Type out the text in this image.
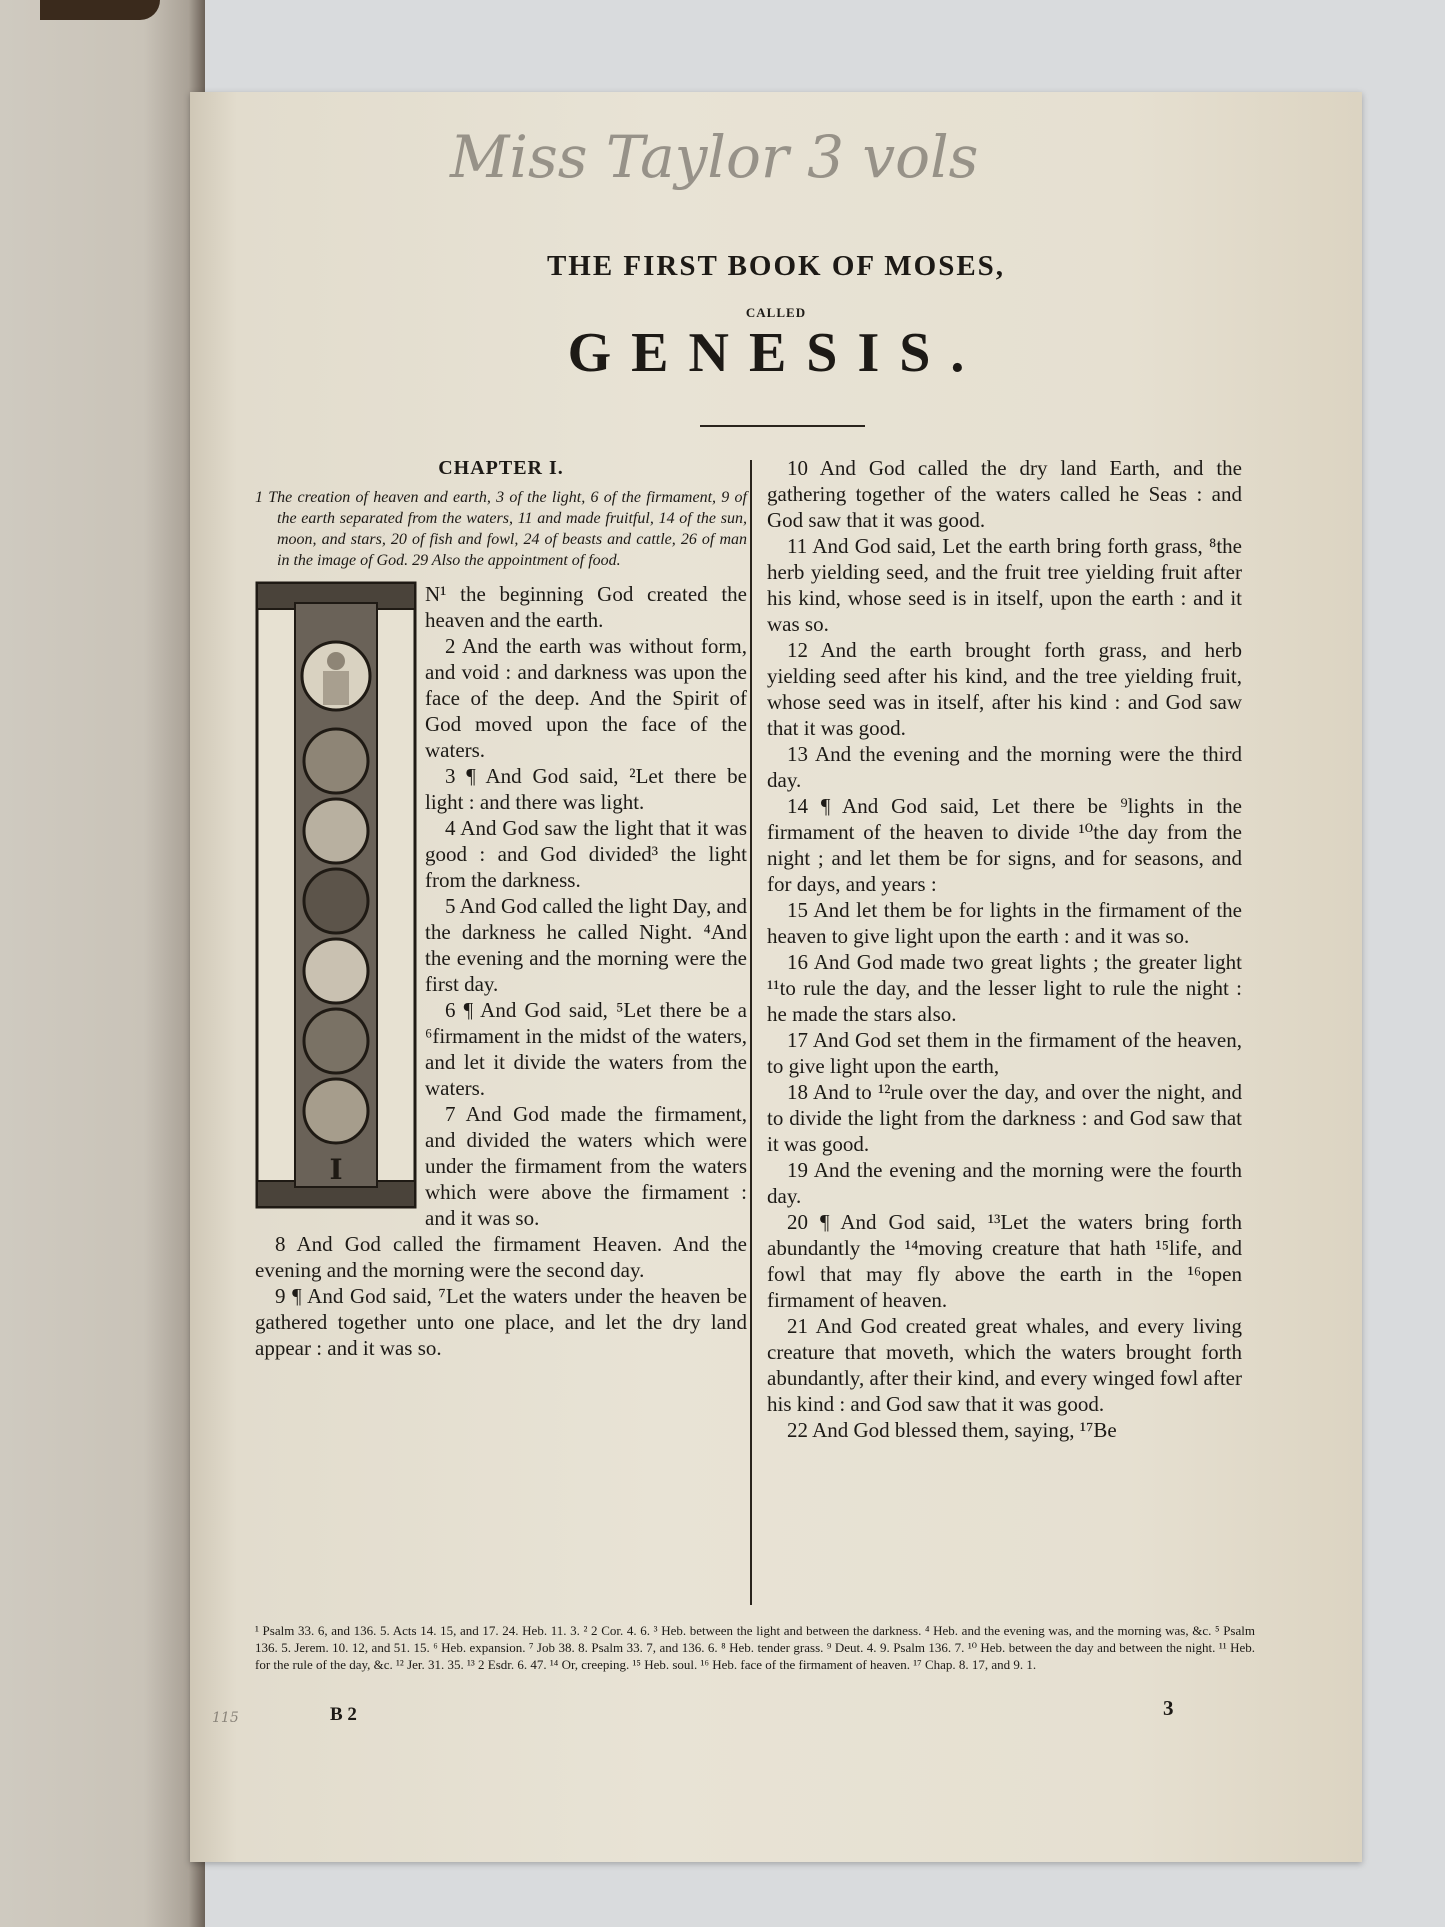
Miss Taylor 3 vols
115
THE FIRST BOOK OF MOSES,
CALLED
GENESIS.
CHAPTER I.
1 The creation of heaven and earth, 3 of the light, 6 of the firmament, 9 of the earth separated from the waters, 11 and made fruitful, 14 of the sun, moon, and stars, 20 of fish and fowl, 24 of beasts and cattle, 26 of man in the image of God. 29 Also the appointment of food.
I

N¹ the beginning God created the heaven and the earth.

2 And the earth was without form, and void : and darkness was upon the face of the deep. And the Spirit of God moved upon the face of the waters.

3 ¶ And God said, ²Let there be light : and there was light.

4 And God saw the light that it was good : and God divided³ the light from the darkness.

5 And God called the light Day, and the darkness he called Night. ⁴And the evening and the morning were the first day.

6 ¶ And God said, ⁵Let there be a ⁶firmament in the midst of the waters, and let it divide the waters from the waters.

7 And God made the firmament, and divided the waters which were under the firmament from the waters which were above the firmament : and it was so.

8 And God called the firmament Heaven. And the evening and the morning were the second day.

9 ¶ And God said, ⁷Let the waters under the heaven be gathered together unto one place, and let the dry land appear : and it was so.

10 And God called the dry land Earth, and the gathering together of the waters called he Seas : and God saw that it was good.

11 And God said, Let the earth bring forth grass, ⁸the herb yielding seed, and the fruit tree yielding fruit after his kind, whose seed is in itself, upon the earth : and it was so.

12 And the earth brought forth grass, and herb yielding seed after his kind, and the tree yielding fruit, whose seed was in itself, after his kind : and God saw that it was good.

13 And the evening and the morning were the third day.

14 ¶ And God said, Let there be ⁹lights in the firmament of the heaven to divide ¹⁰the day from the night ; and let them be for signs, and for seasons, and for days, and years :

15 And let them be for lights in the firmament of the heaven to give light upon the earth : and it was so.

16 And God made two great lights ; the greater light ¹¹to rule the day, and the lesser light to rule the night : he made the stars also.

17 And God set them in the firmament of the heaven, to give light upon the earth,

18 And to ¹²rule over the day, and over the night, and to divide the light from the darkness : and God saw that it was good.

19 And the evening and the morning were the fourth day.

20 ¶ And God said, ¹³Let the waters bring forth abundantly the ¹⁴moving creature that hath ¹⁵life, and fowl that may fly above the earth in the ¹⁶open firmament of heaven.

21 And God created great whales, and every living creature that moveth, which the waters brought forth abundantly, after their kind, and every winged fowl after his kind : and God saw that it was good.

22 And God blessed them, saying, ¹⁷Be

¹ Psalm 33. 6, and 136. 5. Acts 14. 15, and 17. 24. Heb. 11. 3. ² 2 Cor. 4. 6. ³ Heb. between the light and between the darkness. ⁴ Heb. and the evening was, and the morning was, &c. ⁵ Psalm 136. 5. Jerem. 10. 12, and 51. 15. ⁶ Heb. expansion. ⁷ Job 38. 8. Psalm 33. 7, and 136. 6. ⁸ Heb. tender grass. ⁹ Deut. 4. 9. Psalm 136. 7. ¹⁰ Heb. between the day and between the night. ¹¹ Heb. for the rule of the day, &c. ¹² Jer. 31. 35. ¹³ 2 Esdr. 6. 47. ¹⁴ Or, creeping. ¹⁵ Heb. soul. ¹⁶ Heb. face of the firmament of heaven. ¹⁷ Chap. 8. 17, and 9. 1.
B 2	3
